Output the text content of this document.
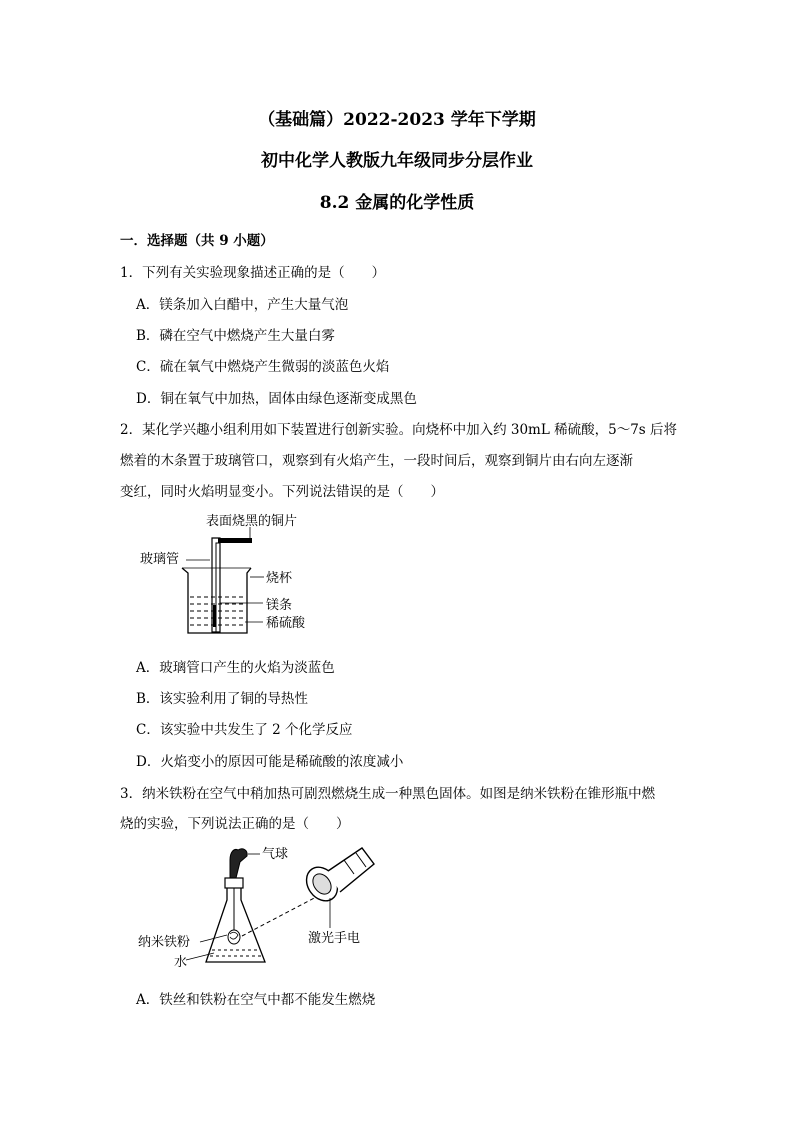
（基础篇）2022-2023 学年下学期
初中化学人教版九年级同步分层作业
8.2 金属的化学性质
一．选择题（共 9 小题）
1．下列有关实验现象描述正确的是（　　）
A．镁条加入白醋中，产生大量气泡
B．磷在空气中燃烧产生大量白雾
C．硫在氧气中燃烧产生微弱的淡蓝色火焰
D．铜在氧气中加热，固体由绿色逐渐变成黑色
2．某化学兴趣小组利用如下装置进行创新实验。向烧杯中加入约 30mL 稀硫酸，5～7s 后将
燃着的木条置于玻璃管口，观察到有火焰产生，一段时间后，观察到铜片由右向左逐渐
变红，同时火焰明显变小。下列说法错误的是（　　）
表面烧黑的铜片
玻璃管
烧杯
镁条
稀硫酸
A．玻璃管口产生的火焰为淡蓝色
B．该实验利用了铜的导热性
C．该实验中共发生了 2 个化学反应
D．火焰变小的原因可能是稀硫酸的浓度减小
3．纳米铁粉在空气中稍加热可剧烈燃烧生成一种黑色固体。如图是纳米铁粉在锥形瓶中燃
烧的实验，下列说法正确的是（　　）
气球
纳米铁粉
水
激光手电
A．铁丝和铁粉在空气中都不能发生燃烧
